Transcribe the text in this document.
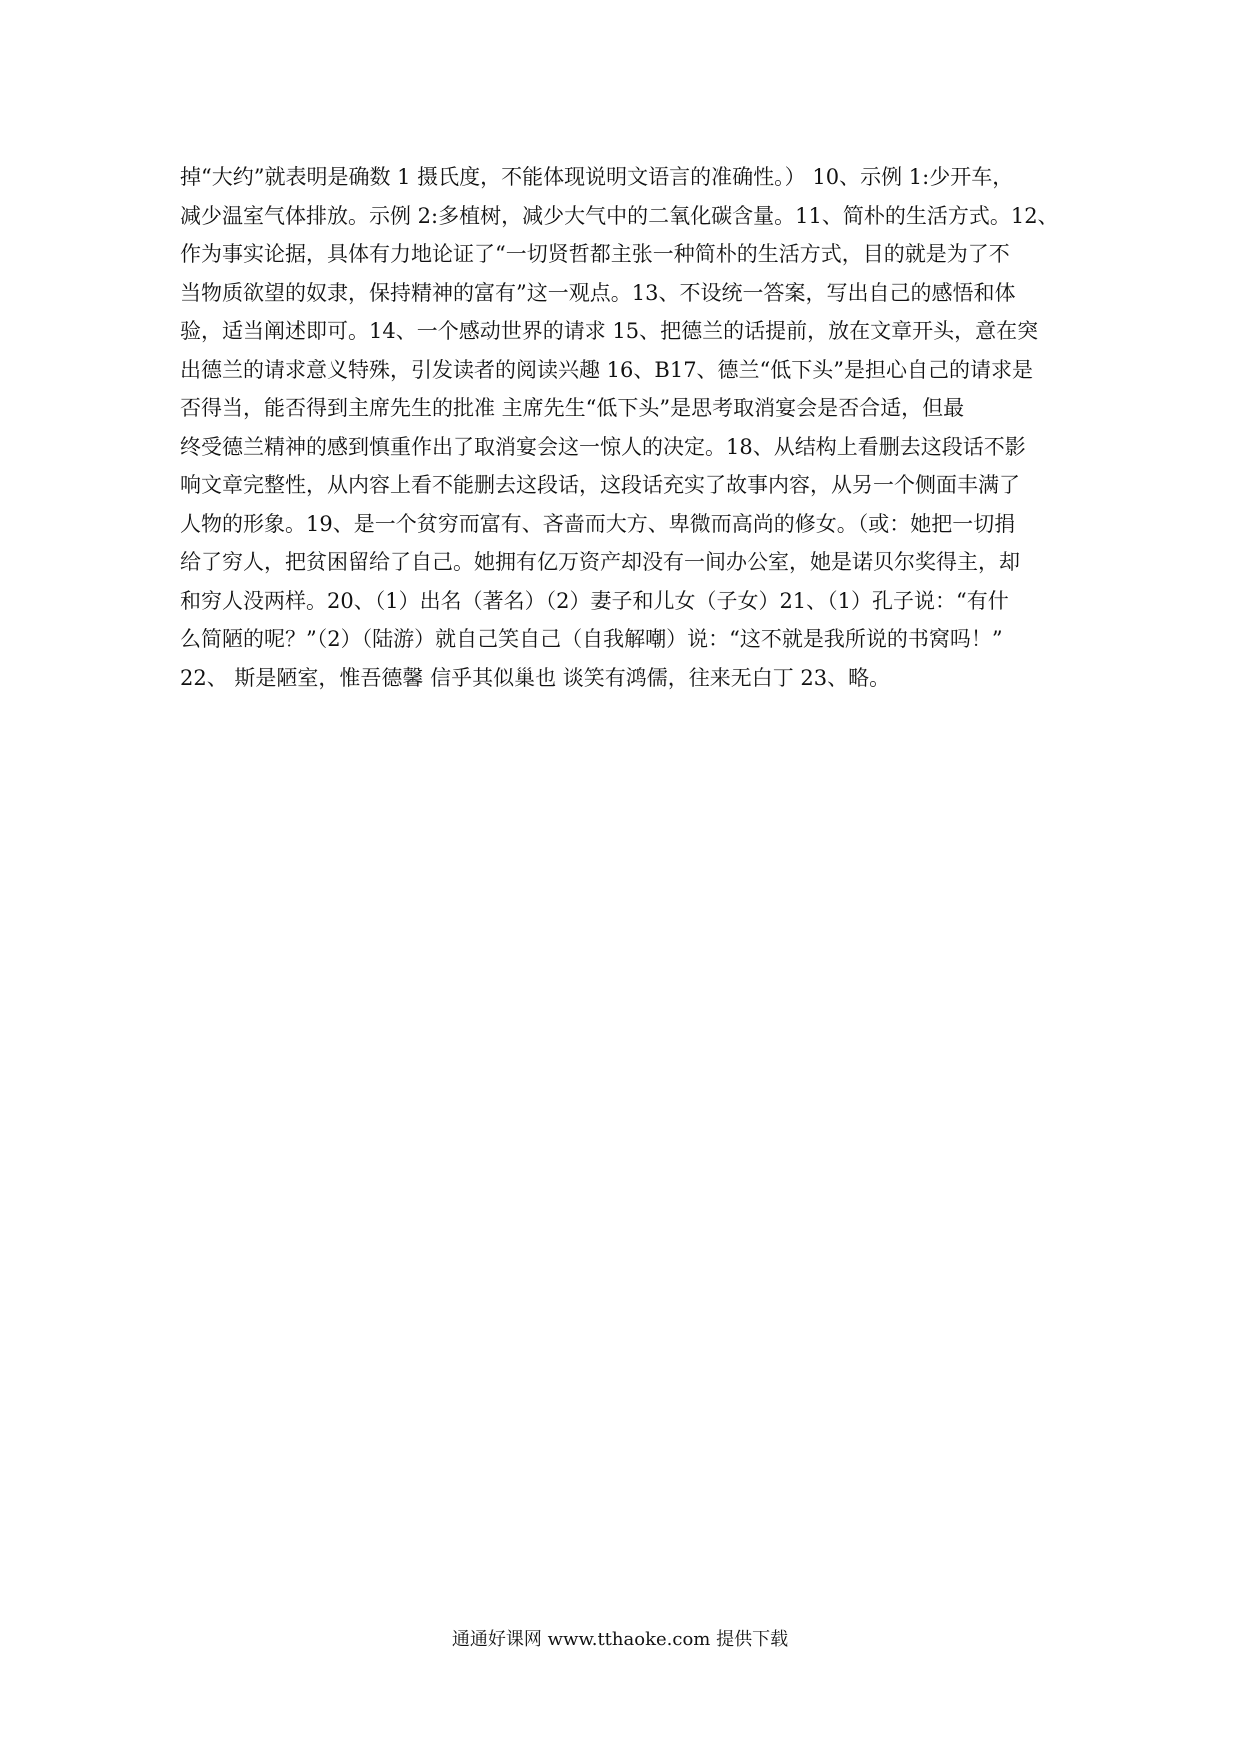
掉“大约”就表明是确数 1 摄氏度，不能体现说明文语言的准确性。） 10、示例 1:少开车，
减少温室气体排放。示例 2:多植树，减少大气中的二氧化碳含量。11、简朴的生活方式。12、
作为事实论据，具体有力地论证了“一切贤哲都主张一种简朴的生活方式，目的就是为了不
当物质欲望的奴隶，保持精神的富有”这一观点。13、不设统一答案，写出自己的感悟和体
验，适当阐述即可。14、一个感动世界的请求 15、把德兰的话提前，放在文章开头，意在突
出德兰的请求意义特殊，引发读者的阅读兴趣 16、B17、德兰“低下头”是担心自己的请求是
否得当，能否得到主席先生的批准 主席先生“低下头”是思考取消宴会是否合适，但最
终受德兰精神的感到慎重作出了取消宴会这一惊人的决定。18、从结构上看删去这段话不影
响文章完整性，从内容上看不能删去这段话，这段话充实了故事内容，从另一个侧面丰满了
人物的形象。19、是一个贫穷而富有、吝啬而大方、卑微而高尚的修女。（或：她把一切捐
给了穷人，把贫困留给了自己。她拥有亿万资产却没有一间办公室，她是诺贝尔奖得主，却
和穷人没两样。20、（1）出名（著名）（2）妻子和儿女（子女）21、（1）孔子说：“有什
么简陋的呢？”（2）（陆游）就自己笑自己（自我解嘲）说：“这不就是我所说的书窝吗！”
22、 斯是陋室，惟吾德馨 信乎其似巢也 谈笑有鸿儒，往来无白丁 23、略。
通通好课网 www.tthaoke.com 提供下载
